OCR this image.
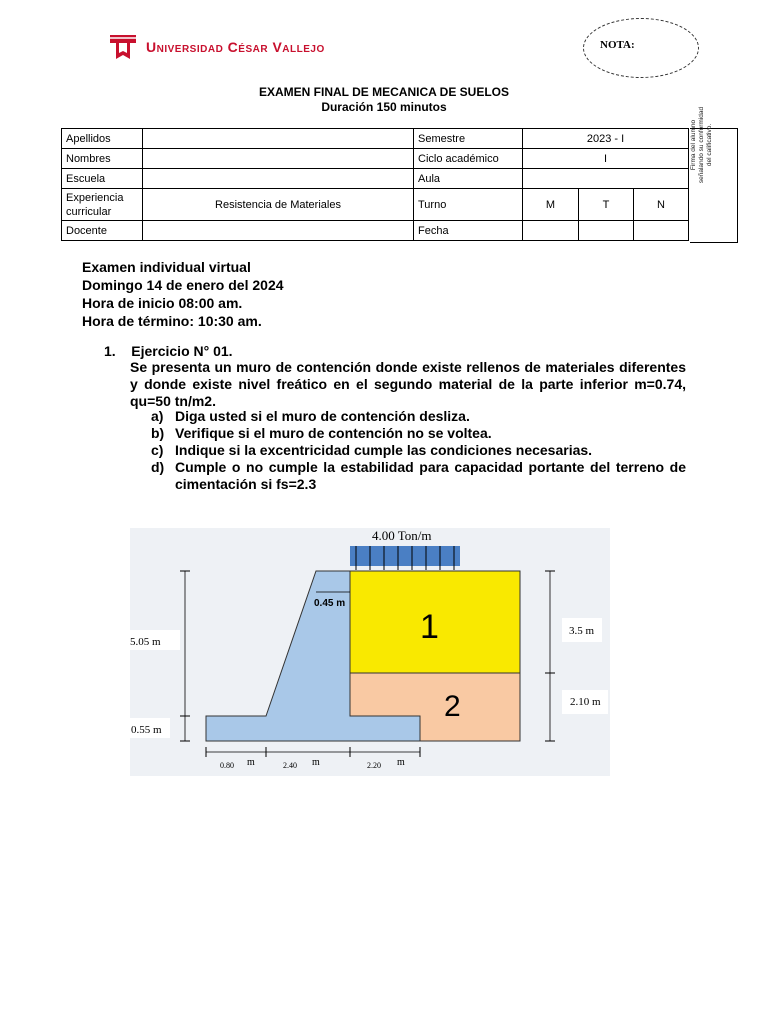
Universidad César Vallejo	NOTA:
EXAMEN FINAL DE MECANICA DE SUELOS
Duración 150 minutos
Apellidos		Semestre	2023 - I		
Nombres		Ciclo académico	I		
Escuela		Aula			
Experiencia curricular	Resistencia de Materiales	Turno	M	T	N
Docente		Fecha			
Firma del alumno señalando su conformidad del calificativo.
Examen individual virtual
Domingo 14 de enero del 2024
Hora de inicio 08:00 am.
Hora de término: 10:30 am.
1. Ejercicio N° 01.
Se presenta un muro de contención donde existe rellenos de materiales diferentes y donde existe nivel freático en el segundo material de la parte inferior m=0.74, qu=50 tn/m2.
a) Diga usted si el muro de contención desliza.
b) Verifique si el muro de contención no se voltea.
c) Indique si la excentricidad cumple las condiciones necesarias.
d) Cumple o no cumple la estabilidad para capacidad portante del terreno de cimentación si fs=2.3
4.00 Ton/m
0.45 m
1
2
5.05 m
0.55 m
3.5 m
2.10 m
0.80 m	2.40 m	2.20 m
